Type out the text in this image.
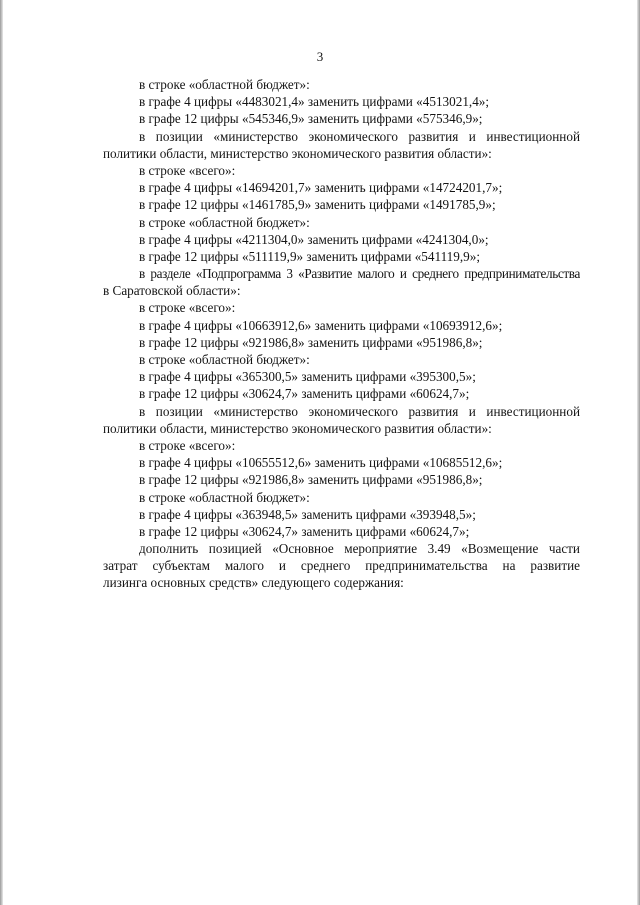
3
в строке «областной бюджет»:
в графе 4 цифры «4483021,4» заменить цифрами «4513021,4»;
в графе 12 цифры «545346,9» заменить цифрами «575346,9»;
в позиции «министерство экономического развития и инвестиционной
политики области, министерство экономического развития области»:
в строке «всего»:
в графе 4 цифры «14694201,7» заменить цифрами «14724201,7»;
в графе 12 цифры «1461785,9» заменить цифрами «1491785,9»;
в строке «областной бюджет»:
в графе 4 цифры «4211304,0» заменить цифрами «4241304,0»;
в графе 12 цифры «511119,9» заменить цифрами «541119,9»;
в разделе «Подпрограмма 3 «Развитие малого и среднего предпринимательства
в Саратовской области»:
в строке «всего»:
в графе 4 цифры «10663912,6» заменить цифрами «10693912,6»;
в графе 12 цифры «921986,8» заменить цифрами «951986,8»;
в строке «областной бюджет»:
в графе 4 цифры «365300,5» заменить цифрами «395300,5»;
в графе 12 цифры «30624,7» заменить цифрами «60624,7»;
в позиции «министерство экономического развития и инвестиционной
политики области, министерство экономического развития области»:
в строке «всего»:
в графе 4 цифры «10655512,6» заменить цифрами «10685512,6»;
в графе 12 цифры «921986,8» заменить цифрами «951986,8»;
в строке «областной бюджет»:
в графе 4 цифры «363948,5» заменить цифрами «393948,5»;
в графе 12 цифры «30624,7» заменить цифрами «60624,7»;
дополнить позицией «Основное мероприятие 3.49 «Возмещение части
затрат субъектам малого и среднего предпринимательства на развитие
лизинга основных средств» следующего содержания:
